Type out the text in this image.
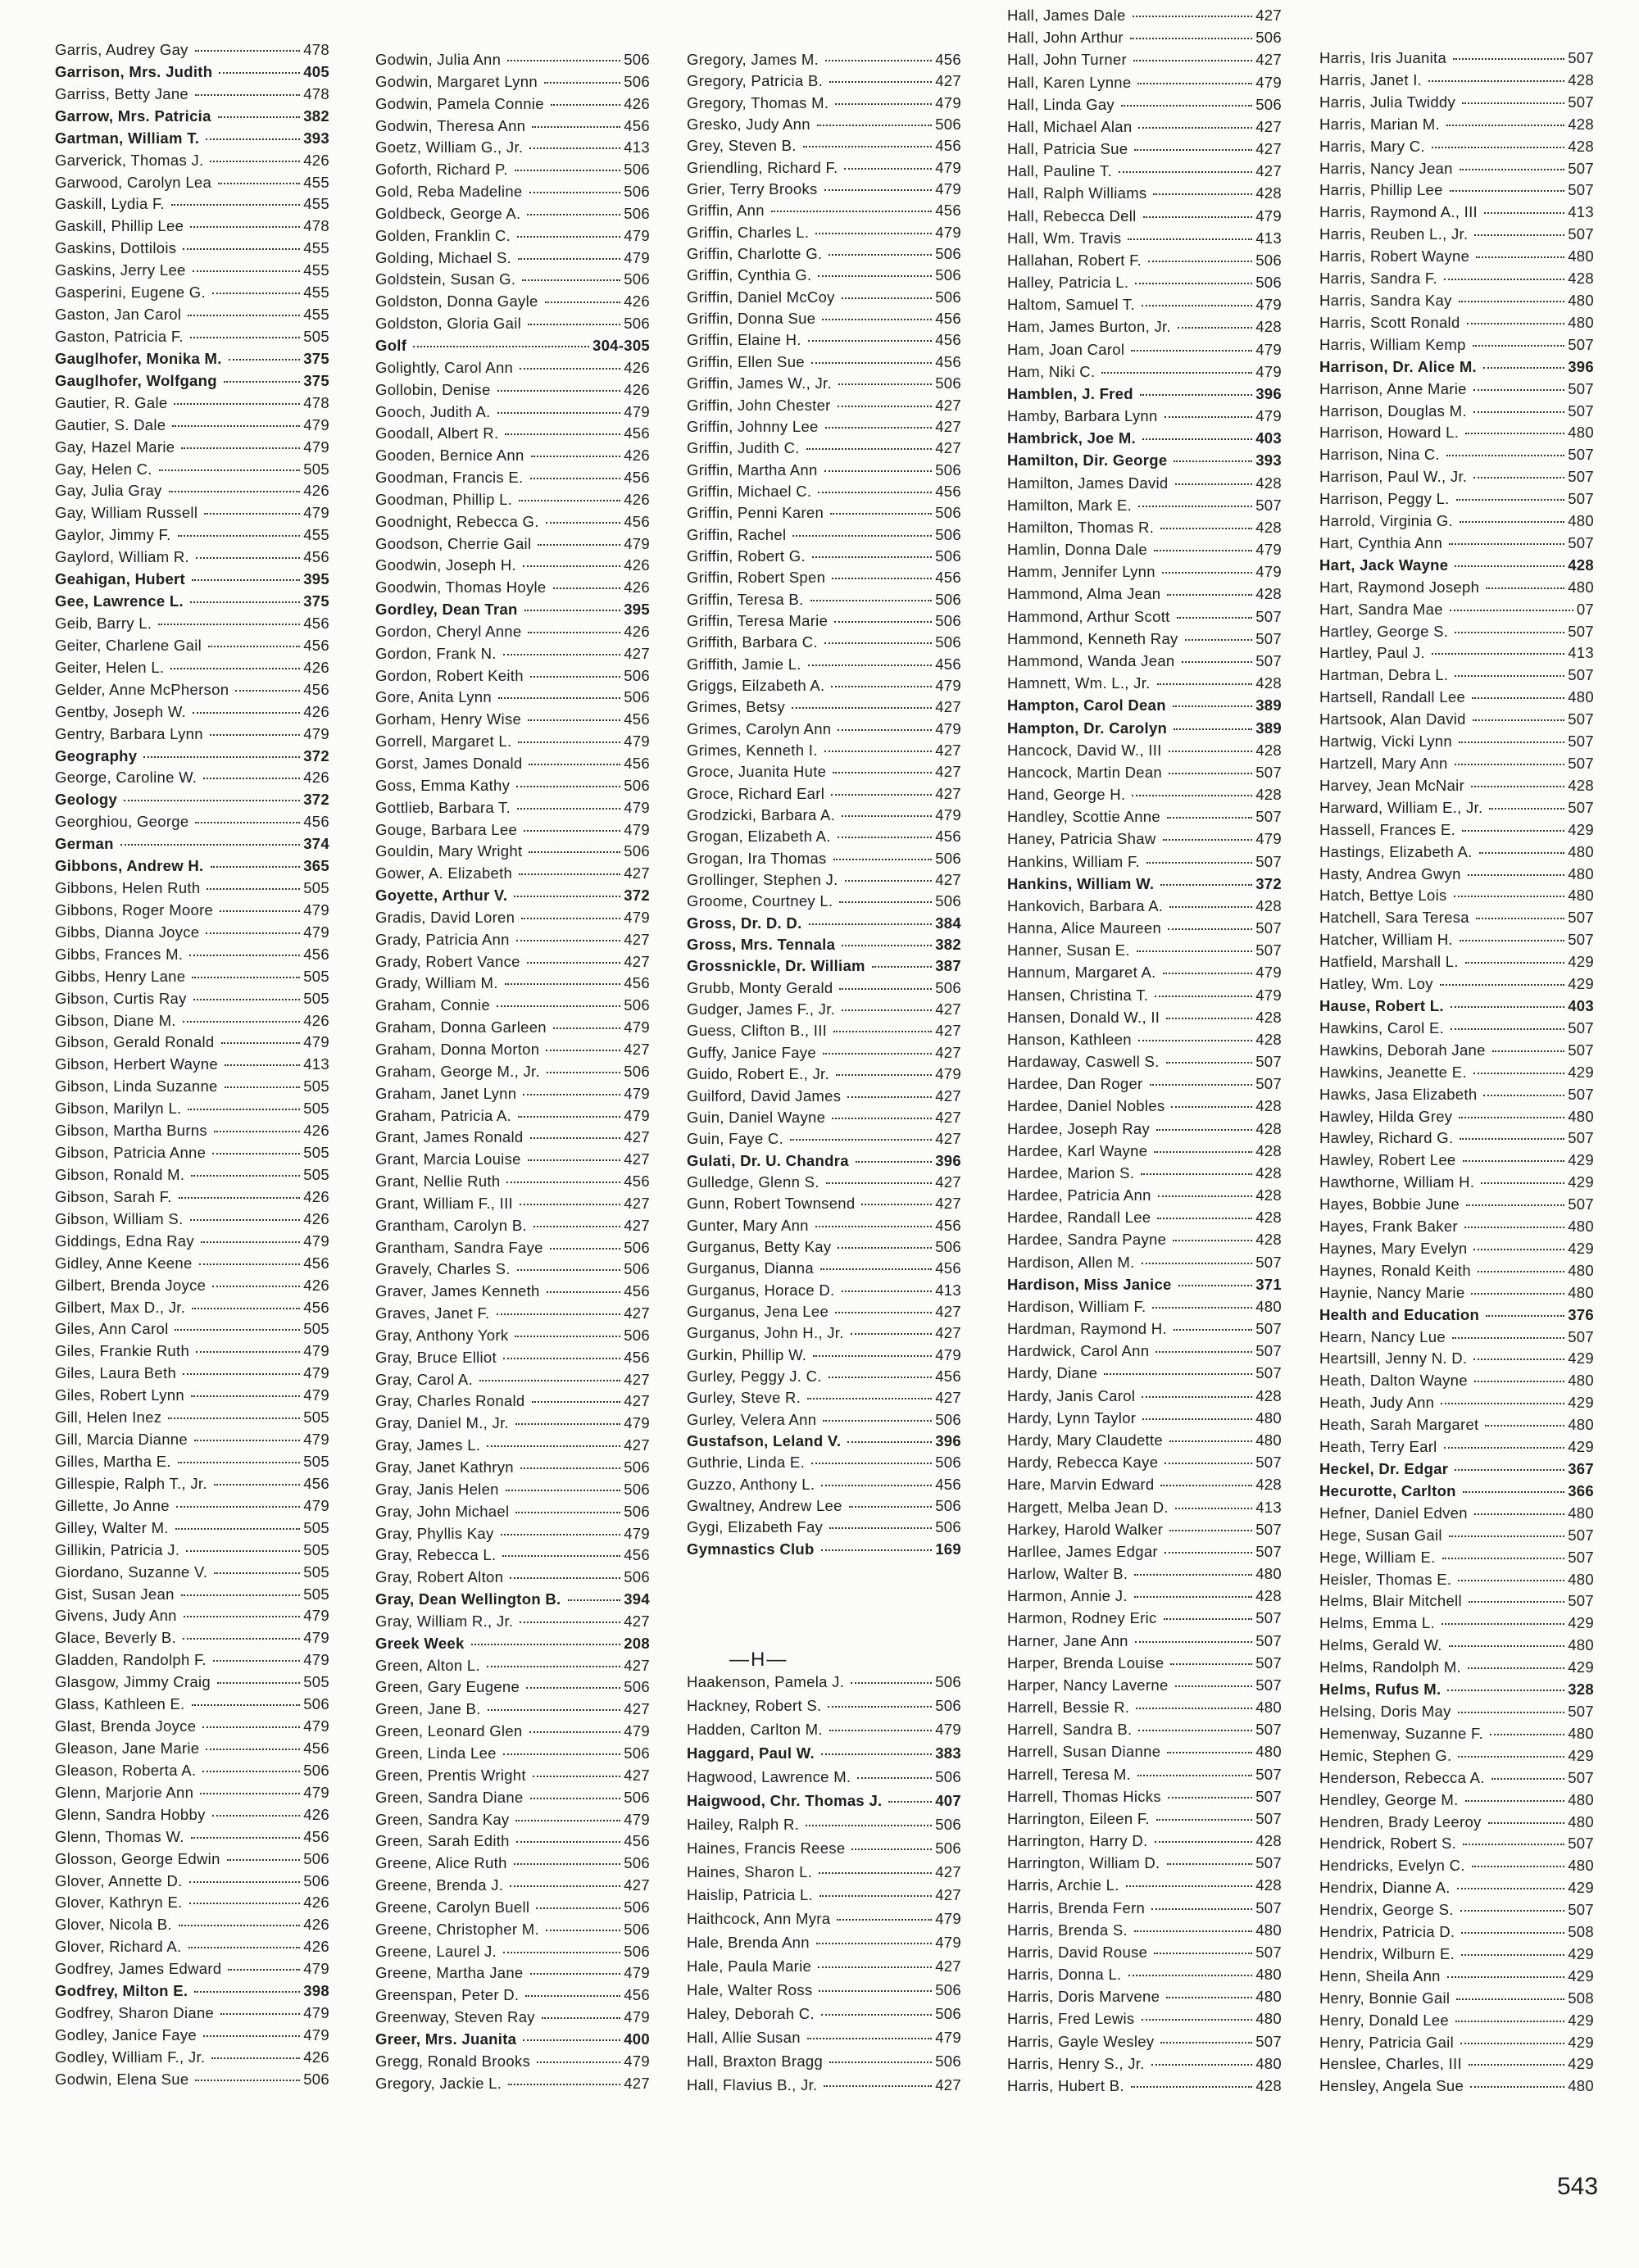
Garris, Audrey Gay	478
Garrison, Mrs. Judith	405
Garriss, Betty Jane	478
Garrow, Mrs. Patricia	382
Gartman, William T.	393
Garverick, Thomas J.	426
Garwood, Carolyn Lea	455
Gaskill, Lydia F.	455
Gaskill, Phillip Lee	478
Gaskins, Dottilois	455
Gaskins, Jerry Lee	455
Gasperini, Eugene G.	455
Gaston, Jan Carol	455
Gaston, Patricia F.	505
Gauglhofer, Monika M.	375
Gauglhofer, Wolfgang	375
Gautier, R. Gale	478
Gautier, S. Dale	479
Gay, Hazel Marie	479
Gay, Helen C.	505
Gay, Julia Gray	426
Gay, William Russell	479
Gaylor, Jimmy F.	455
Gaylord, William R.	456
Geahigan, Hubert	395
Gee, Lawrence L.	375
Geib, Barry L.	456
Geiter, Charlene Gail	456
Geiter, Helen L.	426
Gelder, Anne McPherson	456
Gentby, Joseph W.	426
Gentry, Barbara Lynn	479
Geography	372
George, Caroline W.	426
Geology	372
Georghiou, George	456
German	374
Gibbons, Andrew H.	365
Gibbons, Helen Ruth	505
Gibbons, Roger Moore	479
Gibbs, Dianna Joyce	479
Gibbs, Frances M.	456
Gibbs, Henry Lane	505
Gibson, Curtis Ray	505
Gibson, Diane M.	426
Gibson, Gerald Ronald	479
Gibson, Herbert Wayne	413
Gibson, Linda Suzanne	505
Gibson, Marilyn L.	505
Gibson, Martha Burns	426
Gibson, Patricia Anne	505
Gibson, Ronald M.	505
Gibson, Sarah F.	426
Gibson, William S.	426
Giddings, Edna Ray	479
Gidley, Anne Keene	456
Gilbert, Brenda Joyce	426
Gilbert, Max D., Jr.	456
Giles, Ann Carol	505
Giles, Frankie Ruth	479
Giles, Laura Beth	479
Giles, Robert Lynn	479
Gill, Helen Inez	505
Gill, Marcia Dianne	479
Gilles, Martha E.	505
Gillespie, Ralph T., Jr.	456
Gillette, Jo Anne	479
Gilley, Walter M.	505
Gillikin, Patricia J.	505
Giordano, Suzanne V.	505
Gist, Susan Jean	505
Givens, Judy Ann	479
Glace, Beverly B.	479
Gladden, Randolph F.	479
Glasgow, Jimmy Craig	505
Glass, Kathleen E.	506
Glast, Brenda Joyce	479
Gleason, Jane Marie	456
Gleason, Roberta A.	506
Glenn, Marjorie Ann	479
Glenn, Sandra Hobby	426
Glenn, Thomas W.	456
Glosson, George Edwin	506
Glover, Annette D.	506
Glover, Kathryn E.	426
Glover, Nicola B.	426
Glover, Richard A.	426
Godfrey, James Edward	479
Godfrey, Milton E.	398
Godfrey, Sharon Diane	479
Godley, Janice Faye	479
Godley, William F., Jr.	426
Godwin, Elena Sue	506
Godwin, Julia Ann	506
Godwin, Margaret Lynn	506
Godwin, Pamela Connie	426
Godwin, Theresa Ann	456
Goetz, William G., Jr.	413
Goforth, Richard P.	506
Gold, Reba Madeline	506
Goldbeck, George A.	506
Golden, Franklin C.	479
Golding, Michael S.	479
Goldstein, Susan G.	506
Goldston, Donna Gayle	426
Goldston, Gloria Gail	506
Golf	304-305
Golightly, Carol Ann	426
Gollobin, Denise	426
Gooch, Judith A.	479
Goodall, Albert R.	456
Gooden, Bernice Ann	426
Goodman, Francis E.	456
Goodman, Phillip L.	426
Goodnight, Rebecca G.	456
Goodson, Cherrie Gail	479
Goodwin, Joseph H.	426
Goodwin, Thomas Hoyle	426
Gordley, Dean Tran	395
Gordon, Cheryl Anne	426
Gordon, Frank N.	427
Gordon, Robert Keith	506
Gore, Anita Lynn	506
Gorham, Henry Wise	456
Gorrell, Margaret L.	479
Gorst, James Donald	456
Goss, Emma Kathy	506
Gottlieb, Barbara T.	479
Gouge, Barbara Lee	479
Gouldin, Mary Wright	506
Gower, A. Elizabeth	427
Goyette, Arthur V.	372
Gradis, David Loren	479
Grady, Patricia Ann	427
Grady, Robert Vance	427
Grady, William M.	456
Graham, Connie	506
Graham, Donna Garleen	479
Graham, Donna Morton	427
Graham, George M., Jr.	506
Graham, Janet Lynn	479
Graham, Patricia A.	479
Grant, James Ronald	427
Grant, Marcia Louise	427
Grant, Nellie Ruth	456
Grant, William F., III	427
Grantham, Carolyn B.	427
Grantham, Sandra Faye	506
Gravely, Charles S.	506
Graver, James Kenneth	456
Graves, Janet F.	427
Gray, Anthony York	506
Gray, Bruce Elliot	456
Gray, Carol A.	427
Gray, Charles Ronald	427
Gray, Daniel M., Jr.	479
Gray, James L.	427
Gray, Janet Kathryn	506
Gray, Janis Helen	506
Gray, John Michael	506
Gray, Phyllis Kay	479
Gray, Rebecca L.	456
Gray, Robert Alton	506
Gray, Dean Wellington B.	394
Gray, William R., Jr.	427
Greek Week	208
Green, Alton L.	427
Green, Gary Eugene	506
Green, Jane B.	427
Green, Leonard Glen	479
Green, Linda Lee	506
Green, Prentis Wright	427
Green, Sandra Diane	506
Green, Sandra Kay	479
Green, Sarah Edith	456
Greene, Alice Ruth	506
Greene, Brenda J.	427
Greene, Carolyn Buell	506
Greene, Christopher M.	506
Greene, Laurel J.	506
Greene, Martha Jane	479
Greenspan, Peter D.	456
Greenway, Steven Ray	479
Greer, Mrs. Juanita	400
Gregg, Ronald Brooks	479
Gregory, Jackie L.	427
Gregory, James M.	456
Gregory, Patricia B.	427
Gregory, Thomas M.	479
Gresko, Judy Ann	506
Grey, Steven B.	456
Griendling, Richard F.	479
Grier, Terry Brooks	479
Griffin, Ann	456
Griffin, Charles L.	479
Griffin, Charlotte G.	506
Griffin, Cynthia G.	506
Griffin, Daniel McCoy	506
Griffin, Donna Sue	456
Griffin, Elaine H.	456
Griffin, Ellen Sue	456
Griffin, James W., Jr.	506
Griffin, John Chester	427
Griffin, Johnny Lee	427
Griffin, Judith C.	427
Griffin, Martha Ann	506
Griffin, Michael C.	456
Griffin, Penni Karen	506
Griffin, Rachel	506
Griffin, Robert G.	506
Griffin, Robert Spen	456
Griffin, Teresa B.	506
Griffin, Teresa Marie	506
Griffith, Barbara C.	506
Griffith, Jamie L.	456
Griggs, Eilzabeth A.	479
Grimes, Betsy	427
Grimes, Carolyn Ann	479
Grimes, Kenneth I.	427
Groce, Juanita Hute	427
Groce, Richard Earl	427
Grodzicki, Barbara A.	479
Grogan, Elizabeth A.	456
Grogan, Ira Thomas	506
Grollinger, Stephen J.	427
Groome, Courtney L.	506
Gross, Dr. D. D.	384
Gross, Mrs. Tennala	382
Grossnickle, Dr. William	387
Grubb, Monty Gerald	506
Gudger, James F., Jr.	427
Guess, Clifton B., III	427
Guffy, Janice Faye	427
Guido, Robert E., Jr.	479
Guilford, David James	427
Guin, Daniel Wayne	427
Guin, Faye C.	427
Gulati, Dr. U. Chandra	396
Gulledge, Glenn S.	427
Gunn, Robert Townsend	427
Gunter, Mary Ann	456
Gurganus, Betty Kay	506
Gurganus, Dianna	456
Gurganus, Horace D.	413
Gurganus, Jena Lee	427
Gurganus, John H., Jr.	427
Gurkin, Phillip W.	479
Gurley, Peggy J. C.	456
Gurley, Steve R.	427
Gurley, Velera Ann	506
Gustafson, Leland V.	396
Guthrie, Linda E.	506
Guzzo, Anthony L.	456
Gwaltney, Andrew Lee	506
Gygi, Elizabeth Fay	506
Gymnastics Club	169
—H—
Haakenson, Pamela J.	506
Hackney, Robert S.	506
Hadden, Carlton M.	479
Haggard, Paul W.	383
Hagwood, Lawrence M.	506
Haigwood, Chr. Thomas J.	407
Hailey, Ralph R.	506
Haines, Francis Reese	506
Haines, Sharon L.	427
Haislip, Patricia L.	427
Haithcock, Ann Myra	479
Hale, Brenda Ann	479
Hale, Paula Marie	427
Hale, Walter Ross	506
Haley, Deborah C.	506
Hall, Allie Susan	479
Hall, Braxton Bragg	506
Hall, Flavius B., Jr.	427
Hall, James Dale	427
Hall, John Arthur	506
Hall, John Turner	427
Hall, Karen Lynne	479
Hall, Linda Gay	506
Hall, Michael Alan	427
Hall, Patricia Sue	427
Hall, Pauline T.	427
Hall, Ralph Williams	428
Hall, Rebecca Dell	479
Hall, Wm. Travis	413
Hallahan, Robert F.	506
Halley, Patricia L.	506
Haltom, Samuel T.	479
Ham, James Burton, Jr.	428
Ham, Joan Carol	479
Ham, Niki C.	479
Hamblen, J. Fred	396
Hamby, Barbara Lynn	479
Hambrick, Joe M.	403
Hamilton, Dir. George	393
Hamilton, James David	428
Hamilton, Mark E.	507
Hamilton, Thomas R.	428
Hamlin, Donna Dale	479
Hamm, Jennifer Lynn	479
Hammond, Alma Jean	428
Hammond, Arthur Scott	507
Hammond, Kenneth Ray	507
Hammond, Wanda Jean	507
Hamnett, Wm. L., Jr.	428
Hampton, Carol Dean	389
Hampton, Dr. Carolyn	389
Hancock, David W., III	428
Hancock, Martin Dean	507
Hand, George H.	428
Handley, Scottie Anne	507
Haney, Patricia Shaw	479
Hankins, William F.	507
Hankins, William W.	372
Hankovich, Barbara A.	428
Hanna, Alice Maureen	507
Hanner, Susan E.	507
Hannum, Margaret A.	479
Hansen, Christina T.	479
Hansen, Donald W., II	428
Hanson, Kathleen	428
Hardaway, Caswell S.	507
Hardee, Dan Roger	507
Hardee, Daniel Nobles	428
Hardee, Joseph Ray	428
Hardee, Karl Wayne	428
Hardee, Marion S.	428
Hardee, Patricia Ann	428
Hardee, Randall Lee	428
Hardee, Sandra Payne	428
Hardison, Allen M.	507
Hardison, Miss Janice	371
Hardison, William F.	480
Hardman, Raymond H.	507
Hardwick, Carol Ann	507
Hardy, Diane	507
Hardy, Janis Carol	428
Hardy, Lynn Taylor	480
Hardy, Mary Claudette	480
Hardy, Rebecca Kaye	507
Hare, Marvin Edward	428
Hargett, Melba Jean D.	413
Harkey, Harold Walker	507
Harllee, James Edgar	507
Harlow, Walter B.	480
Harmon, Annie J.	428
Harmon, Rodney Eric	507
Harner, Jane Ann	507
Harper, Brenda Louise	507
Harper, Nancy Laverne	507
Harrell, Bessie R.	480
Harrell, Sandra B.	507
Harrell, Susan Dianne	480
Harrell, Teresa M.	507
Harrell, Thomas Hicks	507
Harrington, Eileen F.	507
Harrington, Harry D.	428
Harrington, William D.	507
Harris, Archie L.	428
Harris, Brenda Fern	507
Harris, Brenda S.	480
Harris, David Rouse	507
Harris, Donna L.	480
Harris, Doris Marvene	480
Harris, Fred Lewis	480
Harris, Gayle Wesley	507
Harris, Henry S., Jr.	480
Harris, Hubert B.	428
Harris, Iris Juanita	507
Harris, Janet I.	428
Harris, Julia Twiddy	507
Harris, Marian M.	428
Harris, Mary C.	428
Harris, Nancy Jean	507
Harris, Phillip Lee	507
Harris, Raymond A., III	413
Harris, Reuben L., Jr.	507
Harris, Robert Wayne	480
Harris, Sandra F.	428
Harris, Sandra Kay	480
Harris, Scott Ronald	480
Harris, William Kemp	507
Harrison, Dr. Alice M.	396
Harrison, Anne Marie	507
Harrison, Douglas M.	507
Harrison, Howard L.	480
Harrison, Nina C.	507
Harrison, Paul W., Jr.	507
Harrison, Peggy L.	507
Harrold, Virginia G.	480
Hart, Cynthia Ann	507
Hart, Jack Wayne	428
Hart, Raymond Joseph	480
Hart, Sandra Mae	07
Hartley, George S.	507
Hartley, Paul J.	413
Hartman, Debra L.	507
Hartsell, Randall Lee	480
Hartsook, Alan David	507
Hartwig, Vicki Lynn	507
Hartzell, Mary Ann	507
Harvey, Jean McNair	428
Harward, William E., Jr.	507
Hassell, Frances E.	429
Hastings, Elizabeth A.	480
Hasty, Andrea Gwyn	480
Hatch, Bettye Lois	480
Hatchell, Sara Teresa	507
Hatcher, William H.	507
Hatfield, Marshall L.	429
Hatley, Wm. Loy	429
Hause, Robert L.	403
Hawkins, Carol E.	507
Hawkins, Deborah Jane	507
Hawkins, Jeanette E.	429
Hawks, Jasa Elizabeth	507
Hawley, Hilda Grey	480
Hawley, Richard G.	507
Hawley, Robert Lee	429
Hawthorne, William H.	429
Hayes, Bobbie June	507
Hayes, Frank Baker	480
Haynes, Mary Evelyn	429
Haynes, Ronald Keith	480
Haynie, Nancy Marie	480
Health and Education	376
Hearn, Nancy Lue	507
Heartsill, Jenny N. D.	429
Heath, Dalton Wayne	480
Heath, Judy Ann	429
Heath, Sarah Margaret	480
Heath, Terry Earl	429
Heckel, Dr. Edgar	367
Hecurotte, Carlton	366
Hefner, Daniel Edven	480
Hege, Susan Gail	507
Hege, William E.	507
Heisler, Thomas E.	480
Helms, Blair Mitchell	507
Helms, Emma L.	429
Helms, Gerald W.	480
Helms, Randolph M.	429
Helms, Rufus M.	328
Helsing, Doris May	507
Hemenway, Suzanne F.	480
Hemic, Stephen G.	429
Henderson, Rebecca A.	507
Hendley, George M.	480
Hendren, Brady Leeroy	480
Hendrick, Robert S.	507
Hendricks, Evelyn C.	480
Hendrix, Dianne A.	429
Hendrix, George S.	507
Hendrix, Patricia D.	508
Hendrix, Wilburn E.	429
Henn, Sheila Ann	429
Henry, Bonnie Gail	508
Henry, Donald Lee	429
Henry, Patricia Gail	429
Henslee, Charles, III	429
Hensley, Angela Sue	480
543
